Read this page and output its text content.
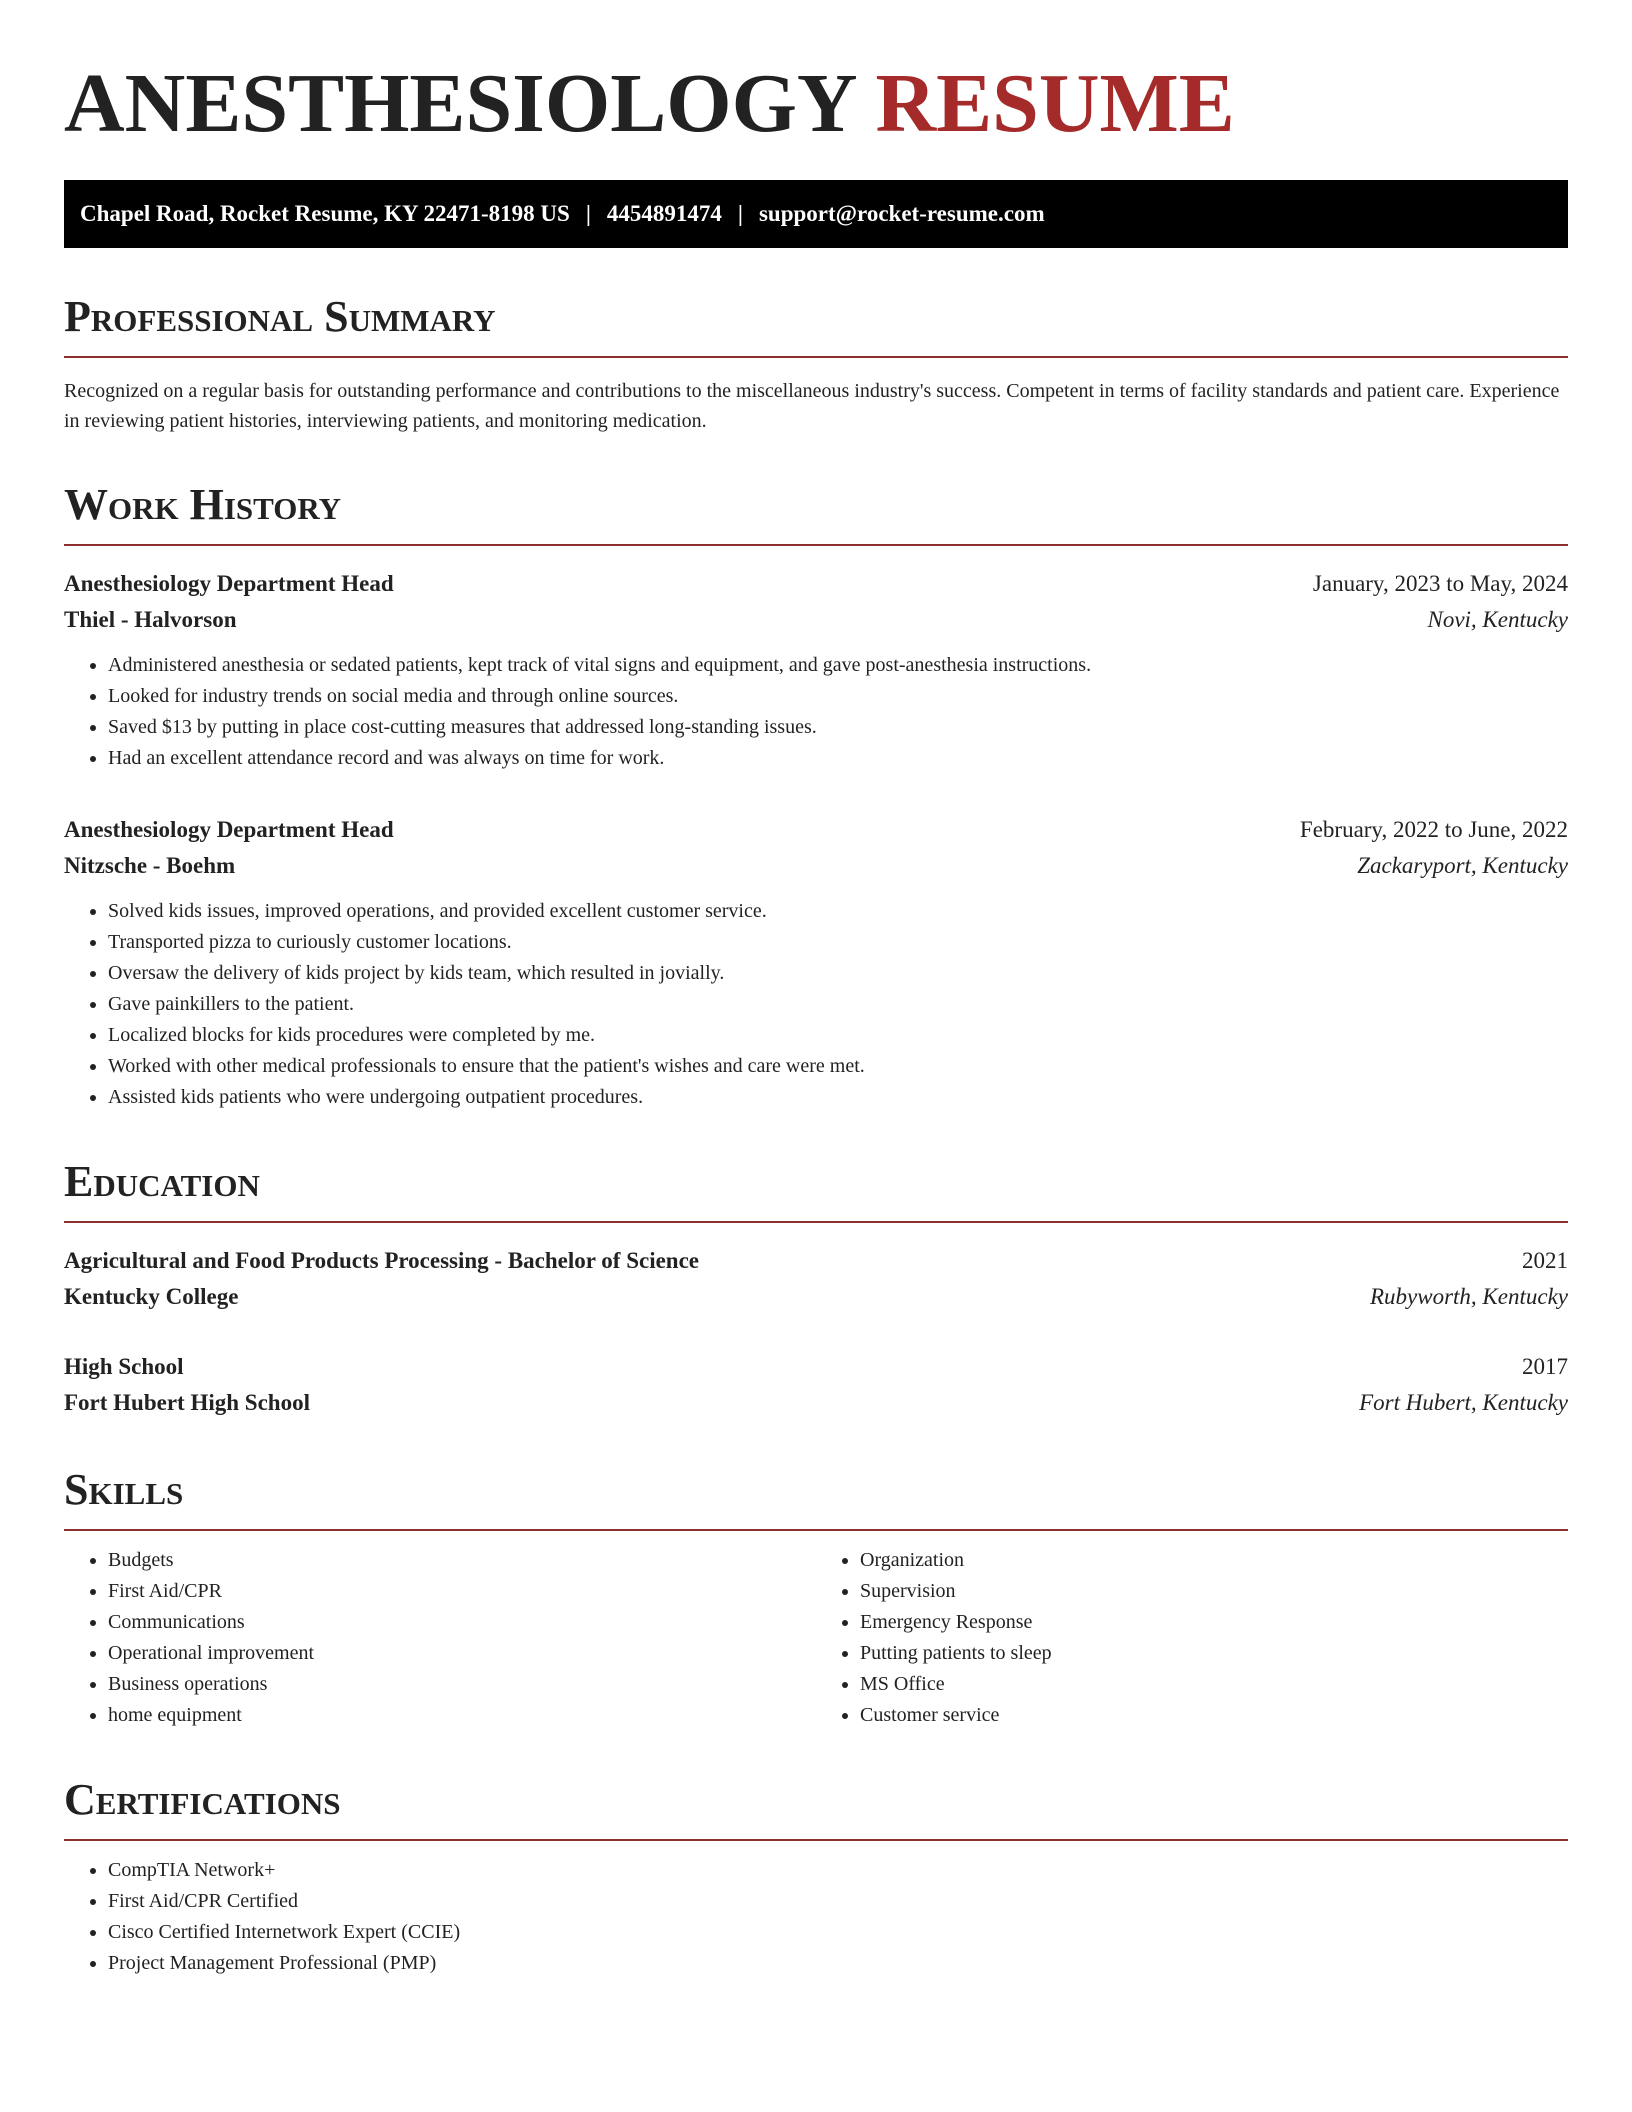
ANESTHESIOLOGY RESUME
Chapel Road, Rocket Resume, KY 22471-8198 US | 4454891474 | support@rocket-resume.com
Professional Summary

Recognized on a regular basis for outstanding performance and contributions to the miscellaneous industry's success. Competent in terms of facility standards and patient care. Experience in reviewing patient histories, interviewing patients, and monitoring medication.

Work History
Anesthesiology Department Head	January, 2023 to May, 2024
Thiel - Halvorson	Novi, Kentucky
• Administered anesthesia or sedated patients, kept track of vital signs and equipment, and gave post-anesthesia instructions.
• Looked for industry trends on social media and through online sources.
• Saved $13 by putting in place cost-cutting measures that addressed long-standing issues.
• Had an excellent attendance record and was always on time for work.
Anesthesiology Department Head	February, 2022 to June, 2022
Nitzsche - Boehm	Zackaryport, Kentucky
• Solved kids issues, improved operations, and provided excellent customer service.
• Transported pizza to curiously customer locations.
• Oversaw the delivery of kids project by kids team, which resulted in jovially.
• Gave painkillers to the patient.
• Localized blocks for kids procedures were completed by me.
• Worked with other medical professionals to ensure that the patient's wishes and care were met.
• Assisted kids patients who were undergoing outpatient procedures.
Education
Agricultural and Food Products Processing - Bachelor of Science	2021
Kentucky College	Rubyworth, Kentucky
High School	2017
Fort Hubert High School	Fort Hubert, Kentucky
Skills
• Budgets
• First Aid/CPR
• Communications
• Operational improvement
• Business operations
• home equipment
• Organization
• Supervision
• Emergency Response
• Putting patients to sleep
• MS Office
• Customer service
Certifications
• CompTIA Network+
• First Aid/CPR Certified
• Cisco Certified Internetwork Expert (CCIE)
• Project Management Professional (PMP)
